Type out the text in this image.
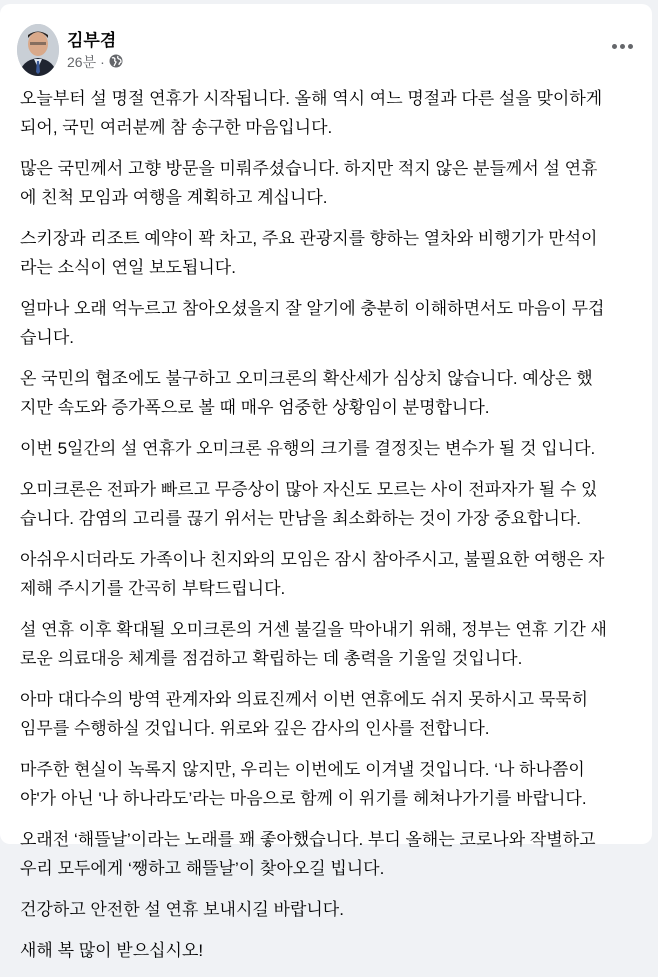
김부겸
26분 ·
오늘부터 설 명절 연휴가 시작됩니다. 올해 역시 여느 명절과 다른 설을 맞이하게
되어, 국민 여러분께 참 송구한 마음입니다.
많은 국민께서 고향 방문을 미뤄주셨습니다. 하지만 적지 않은 분들께서 설 연휴
에 친척 모임과 여행을 계획하고 계십니다.
스키장과 리조트 예약이 꽉 차고, 주요 관광지를 향하는 열차와 비행기가 만석이
라는 소식이 연일 보도됩니다.
얼마나 오래 억누르고 참아오셨을지 잘 알기에 충분히 이해하면서도 마음이 무겁
습니다.
온 국민의 협조에도 불구하고 오미크론의 확산세가 심상치 않습니다. 예상은 했
지만 속도와 증가폭으로 볼 때 매우 엄중한 상황임이 분명합니다.
이번 5일간의 설 연휴가 오미크론 유행의 크기를 결정짓는 변수가 될 것 입니다.
오미크론은 전파가 빠르고 무증상이 많아 자신도 모르는 사이 전파자가 될 수 있
습니다. 감염의 고리를 끊기 위서는 만남을 최소화하는 것이 가장 중요합니다.
아쉬우시더라도 가족이나 친지와의 모임은 잠시 참아주시고, 불필요한 여행은 자
제해 주시기를 간곡히 부탁드립니다.
설 연휴 이후 확대될 오미크론의 거센 불길을 막아내기 위해, 정부는 연휴 기간 새
로운 의료대응 체계를 점검하고 확립하는 데 총력을 기울일 것입니다.
아마 대다수의 방역 관계자와 의료진께서 이번 연휴에도 쉬지 못하시고 묵묵히
임무를 수행하실 것입니다. 위로와 깊은 감사의 인사를 전합니다.
마주한 현실이 녹록지 않지만, 우리는 이번에도 이겨낼 것입니다. ‘나 하나쯤이
야'가 아닌 '나 하나라도’라는 마음으로 함께 이 위기를 헤쳐나가기를 바랍니다.
오래전 ‘해뜰날’이라는 노래를 꽤 좋아했습니다. 부디 올해는 코로나와 작별하고
우리 모두에게 ‘쨍하고 해뜰날’이 찾아오길 빕니다.
건강하고 안전한 설 연휴 보내시길 바랍니다.
새해 복 많이 받으십시오!
